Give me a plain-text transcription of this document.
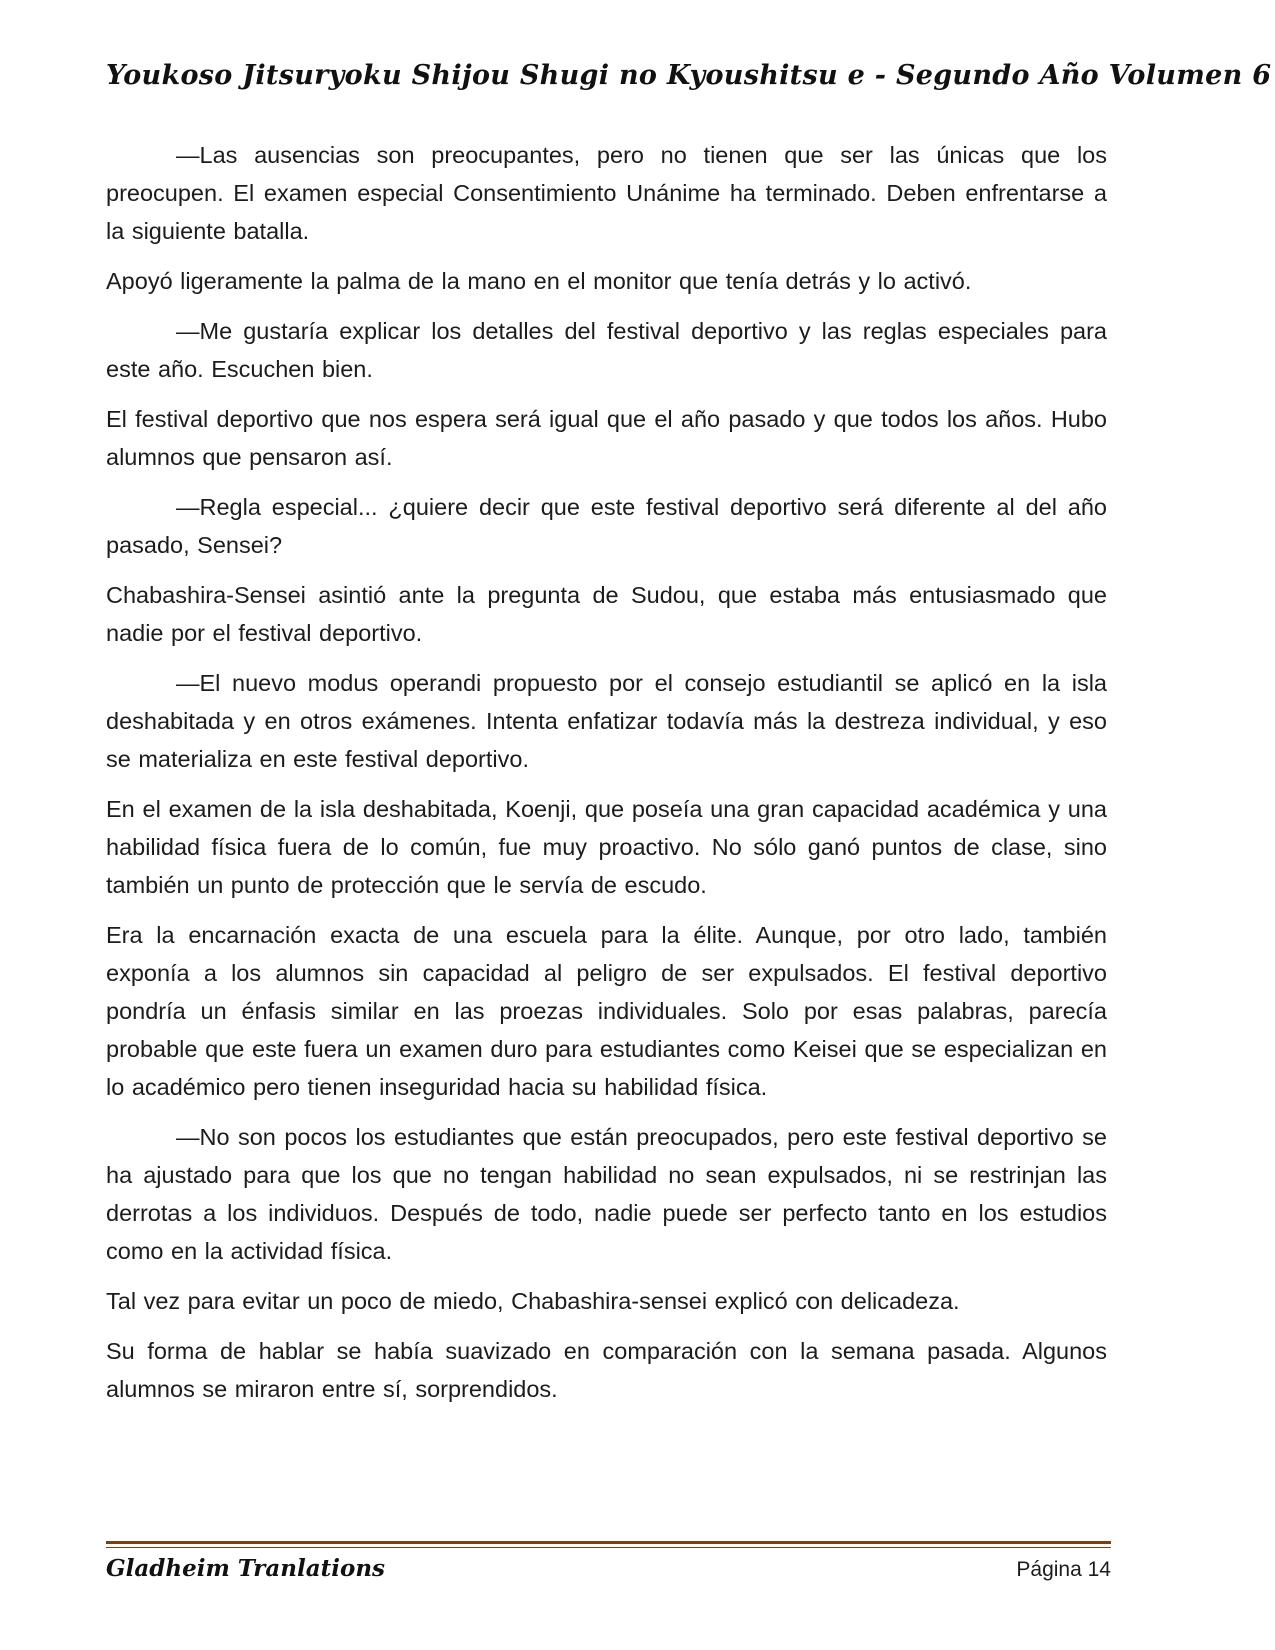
Youkoso Jitsuryoku Shijou Shugi no Kyoushitsu e - Segundo Año Volumen 6

—Las ausencias son preocupantes, pero no tienen que ser las únicas que los preocupen. El examen especial Consentimiento Unánime ha terminado. Deben enfrentarse a la siguiente batalla.

Apoyó ligeramente la palma de la mano en el monitor que tenía detrás y lo activó.

—Me gustaría explicar los detalles del festival deportivo y las reglas especiales para este año. Escuchen bien.

El festival deportivo que nos espera será igual que el año pasado y que todos los años. Hubo alumnos que pensaron así.

—Regla especial... ¿quiere decir que este festival deportivo será diferente al del año pasado, Sensei?

Chabashira-Sensei asintió ante la pregunta de Sudou, que estaba más entusiasmado que nadie por el festival deportivo.

—El nuevo modus operandi propuesto por el consejo estudiantil se aplicó en la isla deshabitada y en otros exámenes. Intenta enfatizar todavía más la destreza individual, y eso se materializa en este festival deportivo.

En el examen de la isla deshabitada, Koenji, que poseía una gran capacidad académica y una habilidad física fuera de lo común, fue muy proactivo. No sólo ganó puntos de clase, sino también un punto de protección que le servía de escudo.

Era la encarnación exacta de una escuela para la élite. Aunque, por otro lado, también exponía a los alumnos sin capacidad al peligro de ser expulsados. El festival deportivo pondría un énfasis similar en las proezas individuales. Solo por esas palabras, parecía probable que este fuera un examen duro para estudiantes como Keisei que se especializan en lo académico pero tienen inseguridad hacia su habilidad física.

—No son pocos los estudiantes que están preocupados, pero este festival deportivo se ha ajustado para que los que no tengan habilidad no sean expulsados, ni se restrinjan las derrotas a los individuos. Después de todo, nadie puede ser perfecto tanto en los estudios como en la actividad física.

Tal vez para evitar un poco de miedo, Chabashira-sensei explicó con delicadeza.

Su forma de hablar se había suavizado en comparación con la semana pasada. Algunos alumnos se miraron entre sí, sorprendidos.

Gladheim Tranlations	Página 14
